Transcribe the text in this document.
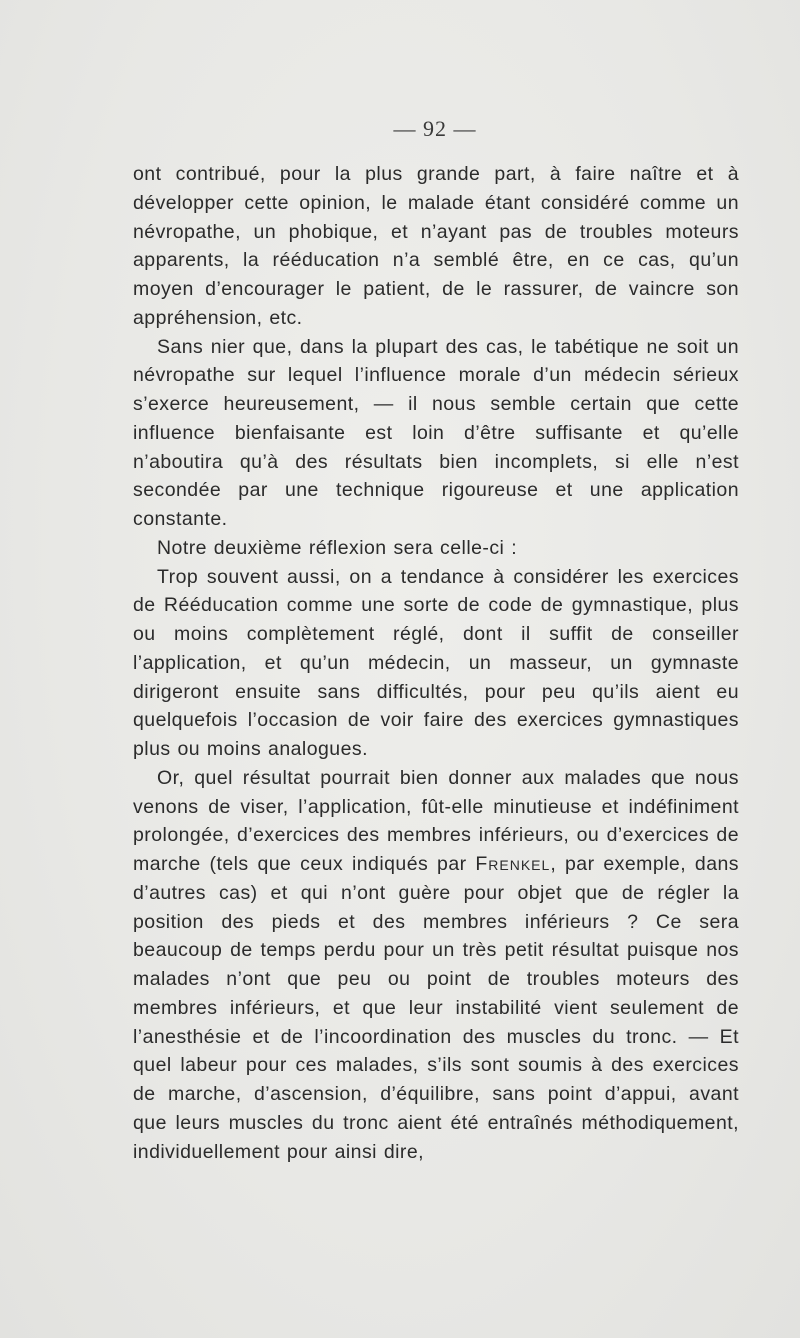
— 92 —

ont contribué, pour la plus grande part, à faire naître et à développer cette opinion, le malade étant considéré comme un névropathe, un phobique, et n’ayant pas de troubles moteurs apparents, la rééducation n’a semblé être, en ce cas, qu’un moyen d’encourager le patient, de le rassurer, de vaincre son appréhension, etc.

Sans nier que, dans la plupart des cas, le tabétique ne soit un névropathe sur lequel l’influence morale d’un médecin sérieux s’exerce heureusement, — il nous semble certain que cette influence bienfaisante est loin d’être suffisante et qu’elle n’aboutira qu’à des résultats bien incomplets, si elle n’est secondée par une technique rigoureuse et une application constante.

Notre deuxième réflexion sera celle-ci :

Trop souvent aussi, on a tendance à considérer les exercices de Rééducation comme une sorte de code de gymnastique, plus ou moins complètement réglé, dont il suffit de conseiller l’application, et qu’un médecin, un masseur, un gymnaste dirigeront ensuite sans difficultés, pour peu qu’ils aient eu quelquefois l’occasion de voir faire des exercices gymnastiques plus ou moins analogues.

Or, quel résultat pourrait bien donner aux malades que nous venons de viser, l’application, fût-elle minutieuse et indéfiniment prolongée, d’exercices des membres inférieurs, ou d’exercices de marche (tels que ceux indiqués par Frenkel, par exemple, dans d’autres cas) et qui n’ont guère pour objet que de régler la position des pieds et des membres inférieurs ? Ce sera beaucoup de temps perdu pour un très petit résultat puisque nos malades n’ont que peu ou point de troubles moteurs des membres inférieurs, et que leur instabilité vient seulement de l’anesthésie et de l’incoordination des muscles du tronc. — Et quel labeur pour ces malades, s’ils sont soumis à des exercices de marche, d’ascension, d’équilibre, sans point d’appui, avant que leurs muscles du tronc aient été entraînés méthodiquement, individuellement pour ainsi dire,
